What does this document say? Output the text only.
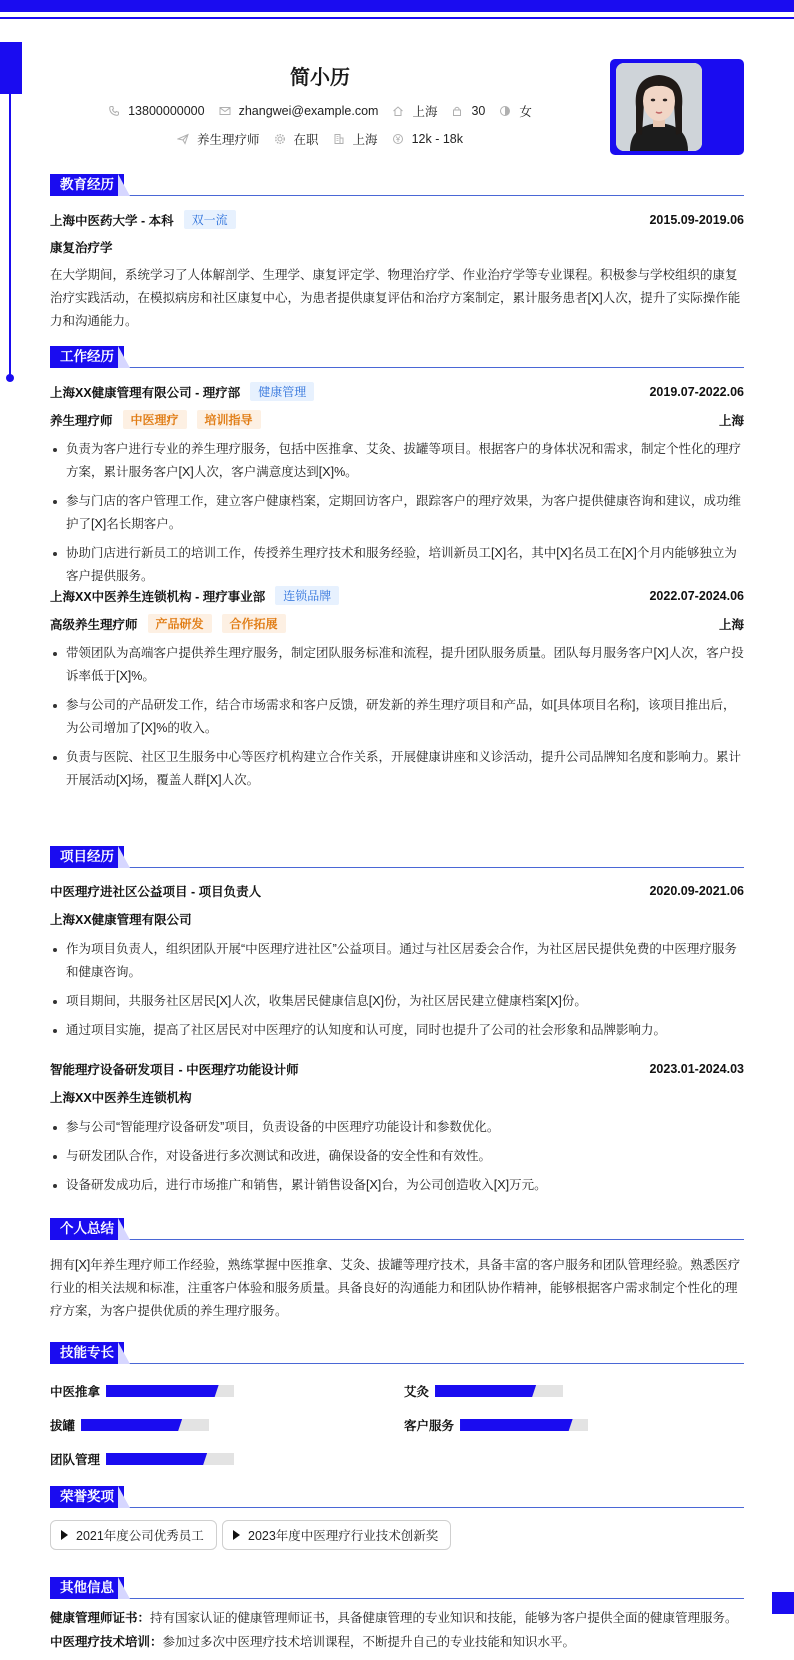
简小历
13800000000	zhangwei@example.com	上海	30	女
养生理疗师	在职	上海	12k - 18k
教育经历
上海中医药大学 - 本科	双一流	2015.09-2019.06
康复治疗学
在大学期间，系统学习了人体解剖学、生理学、康复评定学、物理治疗学、作业治疗学等专业课程。积极参与学校组织的康复治疗实践活动，在模拟病房和社区康复中心，为患者提供康复评估和治疗方案制定，累计服务患者[X]人次，提升了实际操作能力和沟通能力。
工作经历
上海XX健康管理有限公司 - 理疗部	健康管理	2019.07-2022.06
养生理疗师	中医理疗	培训指导	上海
负责为客户进行专业的养生理疗服务，包括中医推拿、艾灸、拔罐等项目。根据客户的身体状况和需求，制定个性化的理疗方案，累计服务客户[X]人次，客户满意度达到[X]%。
参与门店的客户管理工作，建立客户健康档案，定期回访客户，跟踪客户的理疗效果，为客户提供健康咨询和建议，成功维护了[X]名长期客户。
协助门店进行新员工的培训工作，传授养生理疗技术和服务经验，培训新员工[X]名，其中[X]名员工在[X]个月内能够独立为客户提供服务。
上海XX中医养生连锁机构 - 理疗事业部	连锁品牌	2022.07-2024.06
高级养生理疗师	产品研发	合作拓展	上海
带领团队为高端客户提供养生理疗服务，制定团队服务标准和流程，提升团队服务质量。团队每月服务客户[X]人次，客户投诉率低于[X]%。
参与公司的产品研发工作，结合市场需求和客户反馈，研发新的养生理疗项目和产品，如[具体项目名称]，该项目推出后，为公司增加了[X]%的收入。
负责与医院、社区卫生服务中心等医疗机构建立合作关系，开展健康讲座和义诊活动，提升公司品牌知名度和影响力。累计开展活动[X]场，覆盖人群[X]人次。
项目经历
中医理疗进社区公益项目 - 项目负责人	2020.09-2021.06
上海XX健康管理有限公司
作为项目负责人，组织团队开展“中医理疗进社区”公益项目。通过与社区居委会合作，为社区居民提供免费的中医理疗服务和健康咨询。
项目期间，共服务社区居民[X]人次，收集居民健康信息[X]份，为社区居民建立健康档案[X]份。
通过项目实施，提高了社区居民对中医理疗的认知度和认可度，同时也提升了公司的社会形象和品牌影响力。
智能理疗设备研发项目 - 中医理疗功能设计师	2023.01-2024.03
上海XX中医养生连锁机构
参与公司“智能理疗设备研发”项目，负责设备的中医理疗功能设计和参数优化。
与研发团队合作，对设备进行多次测试和改进，确保设备的安全性和有效性。
设备研发成功后，进行市场推广和销售，累计销售设备[X]台，为公司创造收入[X]万元。
个人总结
拥有[X]年养生理疗师工作经验，熟练掌握中医推拿、艾灸、拔罐等理疗技术，具备丰富的客户服务和团队管理经验。熟悉医疗行业的相关法规和标准，注重客户体验和服务质量。具备良好的沟通能力和团队协作精神，能够根据客户需求制定个性化的理疗方案，为客户提供优质的养生理疗服务。
技能专长
中医推拿	艾灸
拔罐	客户服务
团队管理
荣誉奖项
2021年度公司优秀员工	2023年度中医理疗行业技术创新奖
其他信息
健康管理师证书：持有国家认证的健康管理师证书，具备健康管理的专业知识和技能，能够为客户提供全面的健康管理服务。
中医理疗技术培训：参加过多次中医理疗技术培训课程，不断提升自己的专业技能和知识水平。
